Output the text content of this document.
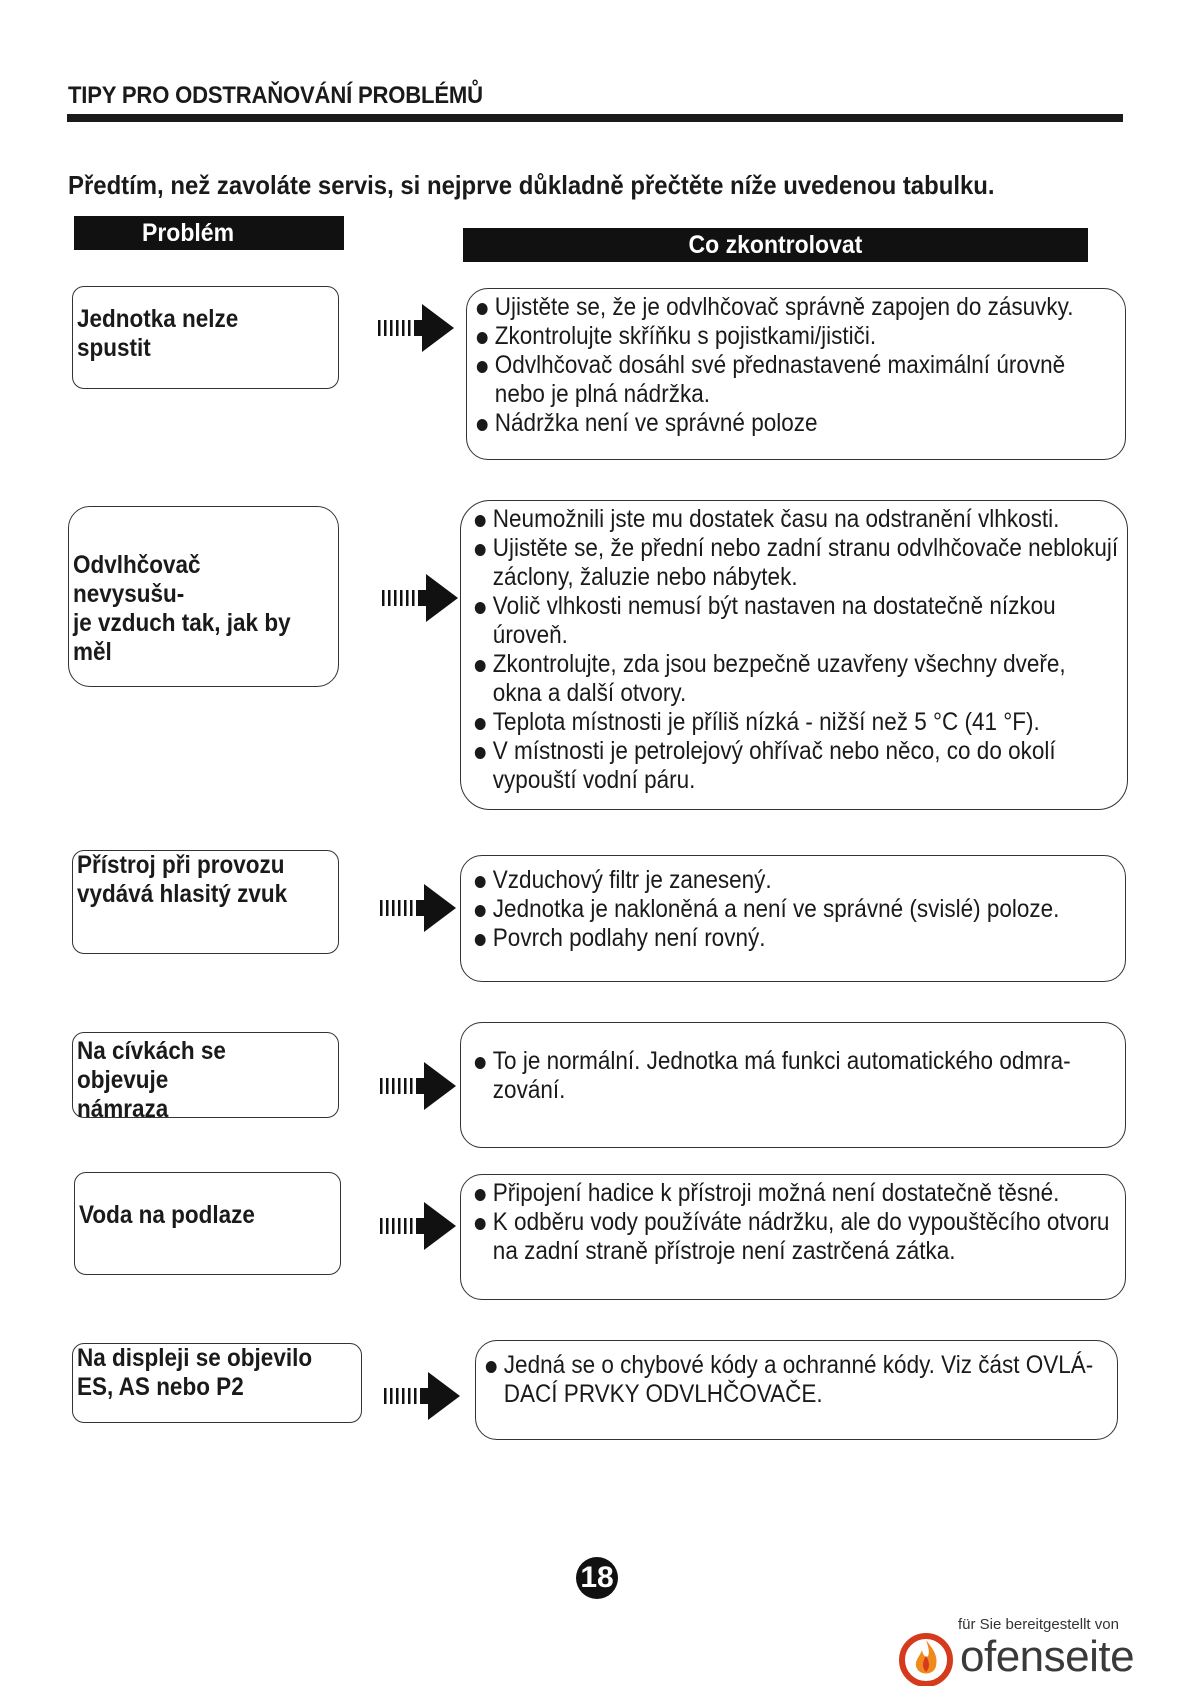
TIPY PRO ODSTRAŇOVÁNÍ PROBLÉMŮ
Předtím, než zavoláte servis, si nejprve důkladně přečtěte níže uvedenou tabulku.
Problém	Co zkontrolovat
Jednotka nelze spustit
Ujistěte se, že je odvlhčovač správně zapojen do zásuvky.
Zkontrolujte skříňku s pojistkami/jističi.
Odvlhčovač dosáhl své přednastavené maximální úrovně nebo je plná nádržka.
Nádržka není ve správné poloze
Odvlhčovač nevysušu-
je vzduch tak, jak by
měl
Neumožnili jste mu dostatek času na odstranění vlhkosti.
Ujistěte se, že přední nebo zadní stranu odvlhčovače neblokují záclony, žaluzie nebo nábytek.
Volič vlhkosti nemusí být nastaven na dostatečně nízkou úroveň.
Zkontrolujte, zda jsou bezpečně uzavřeny všechny dveře, okna a další otvory.
Teplota místnosti je příliš nízká - nižší než 5 °C (41 °F).
V místnosti je petrolejový ohřívač nebo něco, co do okolí vypouští vodní páru.
Přístroj při provozu
vydává hlasitý zvuk	Vzduchový filtr je zanesený.
Jednotka je nakloněná a není ve správné (svislé) poloze.
Povrch podlahy není rovný.
Na cívkách se objevuje
námraza
To je normální. Jednotka má funkci automatického odmra-zování.
Voda na podlaze
Připojení hadice k přístroji možná není dostatečně těsné.
K odběru vody používáte nádržku, ale do vypouštěcího otvoru na zadní straně přístroje není zastrčená zátka.
Na displeji se objevilo
ES, AS nebo P2
Jedná se o chybové kódy a ochranné kódy. Viz část OVLÁ-DACÍ PRVKY ODVLHČOVAČE.
18
für Sie bereitgestellt von
ofenseite
